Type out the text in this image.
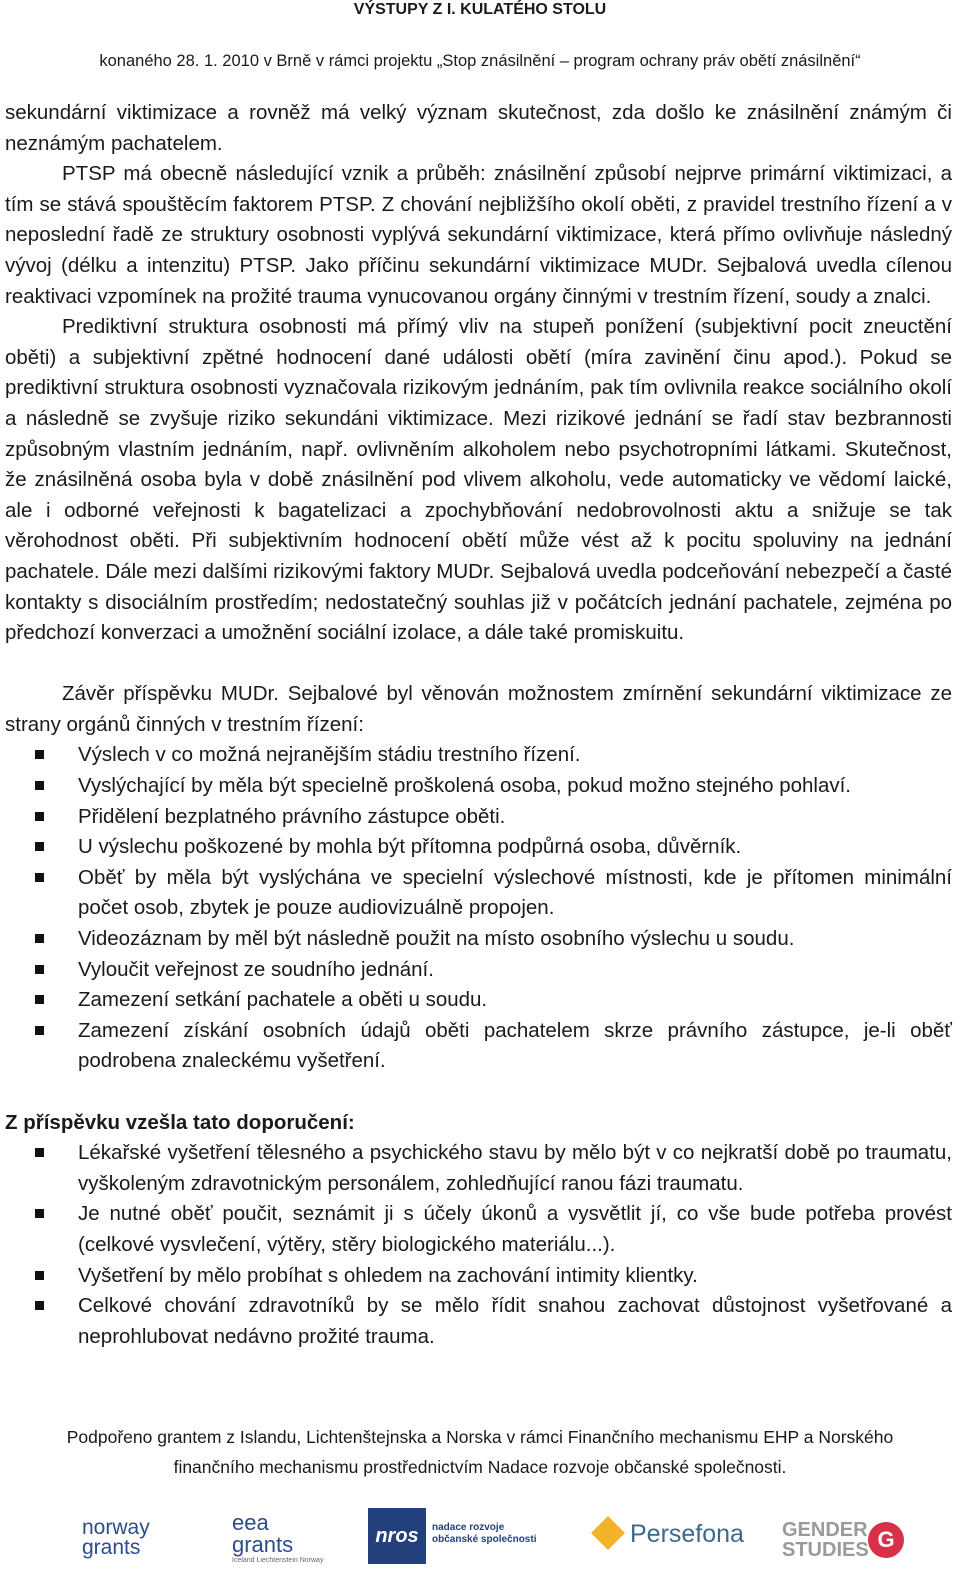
VÝSTUPY Z I. KULATÉHO STOLU
konaného 28. 1. 2010 v Brně v rámci projektu „Stop znásilnění – program ochrany práv obětí znásilnění“

sekundární viktimizace a rovněž má velký význam skutečnost, zda došlo ke znásilnění známým či neznámým pachatelem.

PTSP má obecně následující vznik a průběh: znásilnění způsobí nejprve primární viktimizaci, a tím se stává spouštěcím faktorem PTSP. Z chování nejbližšího okolí oběti, z pravidel trestního řízení a v neposlední řadě ze struktury osobnosti vyplývá sekundární viktimizace, která přímo ovlivňuje následný vývoj (délku a intenzitu) PTSP. Jako příčinu sekundární viktimizace MUDr. Sejbalová uvedla cílenou reaktivaci vzpomínek na prožité trauma vynucovanou orgány činnými v trestním řízení, soudy a znalci.

Prediktivní struktura osobnosti má přímý vliv na stupeň ponížení (subjektivní pocit zneuctění oběti) a subjektivní zpětné hodnocení dané události obětí (míra zavinění činu apod.). Pokud se prediktivní struktura osobnosti vyznačovala rizikovým jednáním, pak tím ovlivnila reakce sociálního okolí a následně se zvyšuje riziko sekundáni viktimizace. Mezi rizikové jednání se řadí stav bezbrannosti způsobným vlastním jednáním, např. ovlivněním alkoholem nebo psychotropními látkami. Skutečnost, že znásilněná osoba byla v době znásilnění pod vlivem alkoholu, vede automaticky ve vědomí laické, ale i odborné veřejnosti k bagatelizaci a zpochybňování nedobrovolnosti aktu a snižuje se tak věrohodnost oběti. Při subjektivním hodnocení obětí může vést až k pocitu spoluviny na jednání pachatele. Dále mezi dalšími rizikovými faktory MUDr. Sejbalová uvedla podceňování nebezpečí a časté kontakty s disociálním prostředím; nedostatečný souhlas již v počátcích jednání pachatele, zejména po předchozí konverzaci a umožnění sociální izolace, a dále také promiskuitu.

Závěr příspěvku MUDr. Sejbalové byl věnován možnostem zmírnění sekundární viktimizace ze strany orgánů činných v trestním řízení:

Výslech v co možná nejranějším stádiu trestního řízení.
Vyslýchající by měla být specielně proškolená osoba, pokud možno stejného pohlaví.
Přidělení bezplatného právního zástupce oběti.
U výslechu poškozené by mohla být přítomna podpůrná osoba, důvěrník.
Oběť by měla být vyslýchána ve specielní výslechové místnosti, kde je přítomen minimální počet osob, zbytek je pouze audiovizuálně propojen.
Videozáznam by měl být následně použit na místo osobního výslechu u soudu.
Vyloučit veřejnost ze soudního jednání.
Zamezení setkání pachatele a oběti u soudu.
Zamezení získání osobních údajů oběti pachatelem skrze právního zástupce, je-li oběť podrobena znaleckému vyšetření.

Z příspěvku vzešla tato doporučení:

Lékařské vyšetření tělesného a psychického stavu by mělo být v co nejkratší době po traumatu, vyškoleným zdravotnickým personálem, zohledňující ranou fázi traumatu.
Je nutné oběť poučit, seznámit ji s účely úkonů a vysvětlit jí, co vše bude potřeba provést (celkové vysvlečení, výtěry, stěry biologického materiálu...).
Vyšetření by mělo probíhat s ohledem na zachování intimity klientky.
Celkové chování zdravotníků by se mělo řídit snahou zachovat důstojnost vyšetřované a neprohlubovat nedávno prožité trauma.
Podpořeno grantem z Islandu, Lichtenštejnska a Norska v rámci Finančního mechanismu EHP a Norského
finančního mechanismu prostřednictvím Nadace rozvoje občanské společnosti.
norway
grants
eea
grants
Iceland Liechtenstein Norway
nros	nadace rozvoje
občanské společnosti	Persefona GENDER
STUDIES G
